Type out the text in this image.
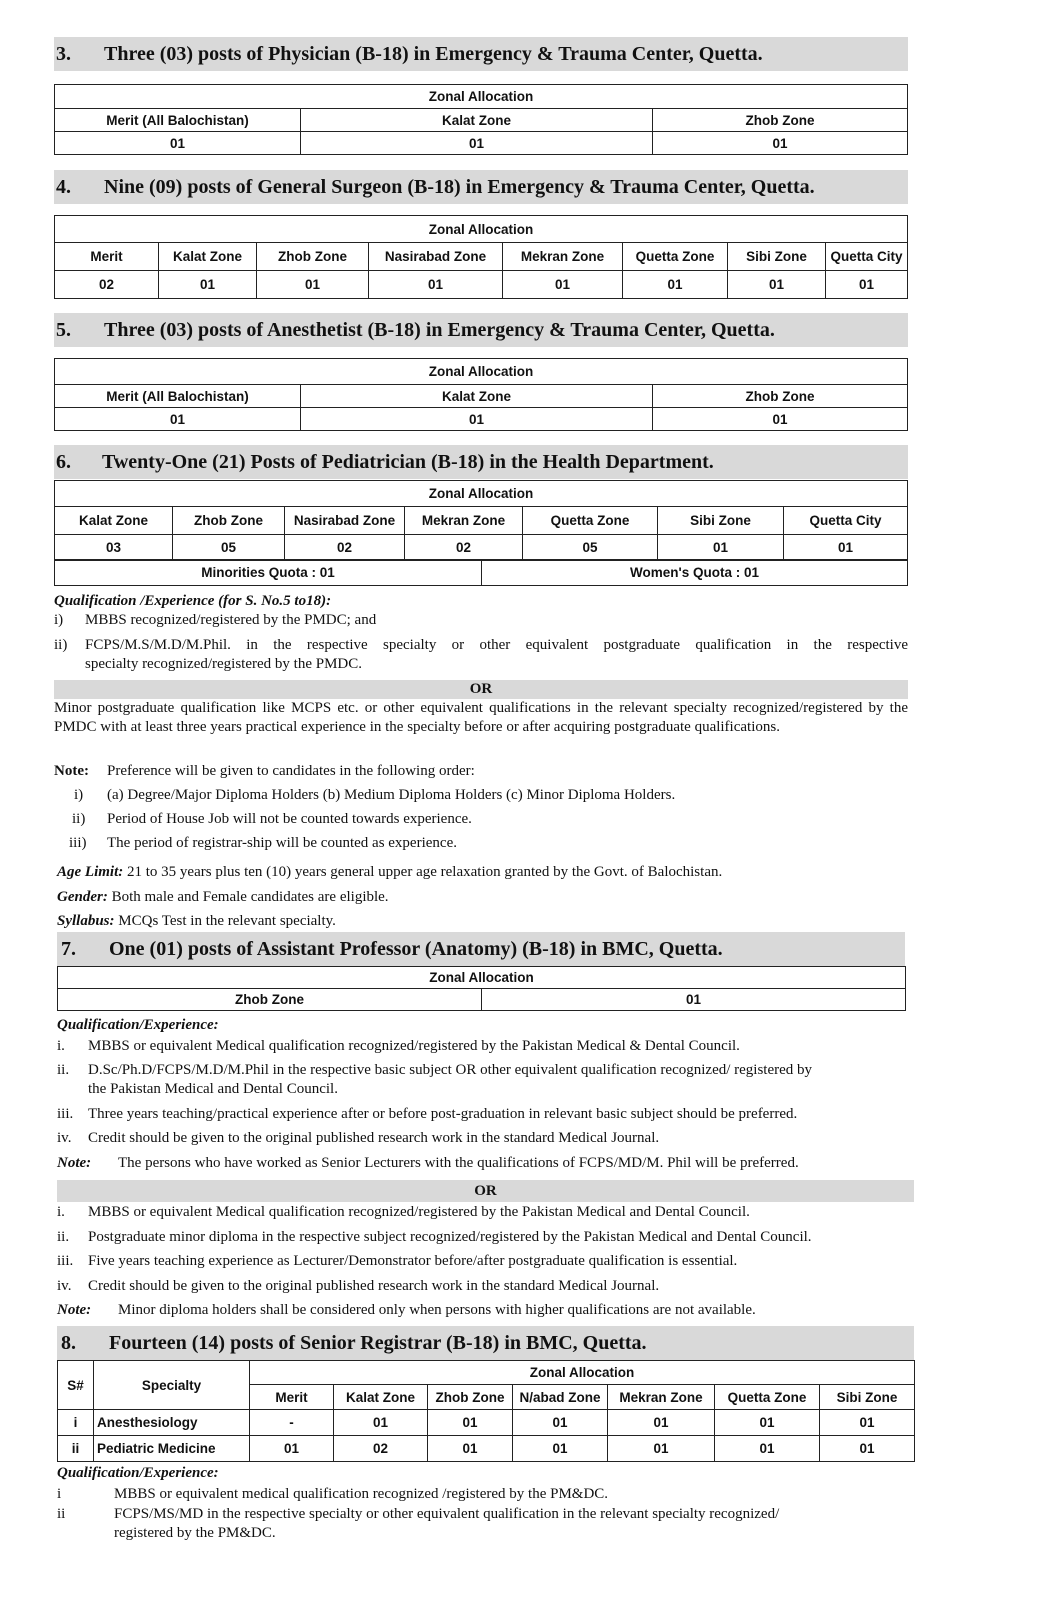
3.	Three (03) posts of Physician (B-18) in Emergency & Trauma Center, Quetta.
Zonal Allocation		
Merit (All Balochistan)	Kalat Zone	Zhob Zone
01	01	01
4.	Nine (09) posts of General Surgeon (B-18) in Emergency & Trauma Center, Quetta.
Zonal Allocation							
Merit	Kalat Zone	Zhob Zone	Nasirabad Zone	Mekran Zone	Quetta Zone	Sibi Zone	Quetta City
02	01	01	01	01	01	01	01
5.	Three (03) posts of Anesthetist (B-18) in Emergency & Trauma Center, Quetta.
Zonal Allocation		
Merit (All Balochistan)	Kalat Zone	Zhob Zone
01	01	01
6.	Twenty-One (21) Posts of Pediatrician (B-18) in the Health Department.
Zonal Allocation						
Kalat Zone	Zhob Zone	Nasirabad Zone	Mekran Zone	Quetta Zone	Sibi Zone	Quetta City
03	05	02	02	05	01	01
Minorities Quota : 01	Women's Quota : 01
Qualification /Experience (for S. No.5 to18):
i) MBBS recognized/registered by the PMDC; and
ii) FCPS/M.S/M.D/M.Phil. in the respective specialty or other equivalent postgraduate qualification in the respective
specialty recognized/registered by the PMDC.
OR
Minor postgraduate qualification like MCPS etc. or other equivalent qualifications in the relevant specialty recognized/registered by the PMDC with at least three years practical experience in the specialty before or after acquiring postgraduate qualifications.
Note: Preference will be given to candidates in the following order:
i) (a) Degree/Major Diploma Holders (b) Medium Diploma Holders (c) Minor Diploma Holders.
ii) Period of House Job will not be counted towards experience.
iii) The period of registrar-ship will be counted as experience.
Age Limit: 21 to 35 years plus ten (10) years general upper age relaxation granted by the Govt. of Balochistan.
Gender: Both male and Female candidates are eligible.
Syllabus: MCQs Test in the relevant specialty.
7.	One (01) posts of Assistant Professor (Anatomy) (B-18) in BMC, Quetta.
Zonal Allocation
Zhob Zone	01
Qualification/Experience:
i. MBBS or equivalent Medical qualification recognized/registered by the Pakistan Medical & Dental Council.
ii. D.Sc/Ph.D/FCPS/M.D/M.Phil in the respective basic subject OR other equivalent qualification recognized/ registered by
the Pakistan Medical and Dental Council.
iii. Three years teaching/practical experience after or before post-graduation in relevant basic subject should be preferred.
iv. Credit should be given to the original published research work in the standard Medical Journal.
Note: The persons who have worked as Senior Lecturers with the qualifications of FCPS/MD/M. Phil will be preferred.
OR
i. MBBS or equivalent Medical qualification recognized/registered by the Pakistan Medical and Dental Council.
ii. Postgraduate minor diploma in the respective subject recognized/registered by the Pakistan Medical and Dental Council.
iii. Five years teaching experience as Lecturer/Demonstrator before/after postgraduate qualification is essential.
iv. Credit should be given to the original published research work in the standard Medical Journal.
Note: Minor diploma holders shall be considered only when persons with higher qualifications are not available.
8.	Fourteen (14) posts of Senior Registrar (B-18) in BMC, Quetta.
S#	Specialty	Zonal Allocation						
		Merit	Kalat Zone	Zhob Zone	N/abad Zone	Mekran Zone	Quetta Zone	Sibi Zone
i	Anesthesiology	-	01	01	01	01	01	01
ii	Pediatric Medicine	01	02	01	01	01	01	01
Qualification/Experience:
i	MBBS or equivalent medical qualification recognized /registered by the PM&DC.
ii	FCPS/MS/MD in the respective specialty or other equivalent qualification in the relevant specialty recognized/
registered by the PM&DC.
